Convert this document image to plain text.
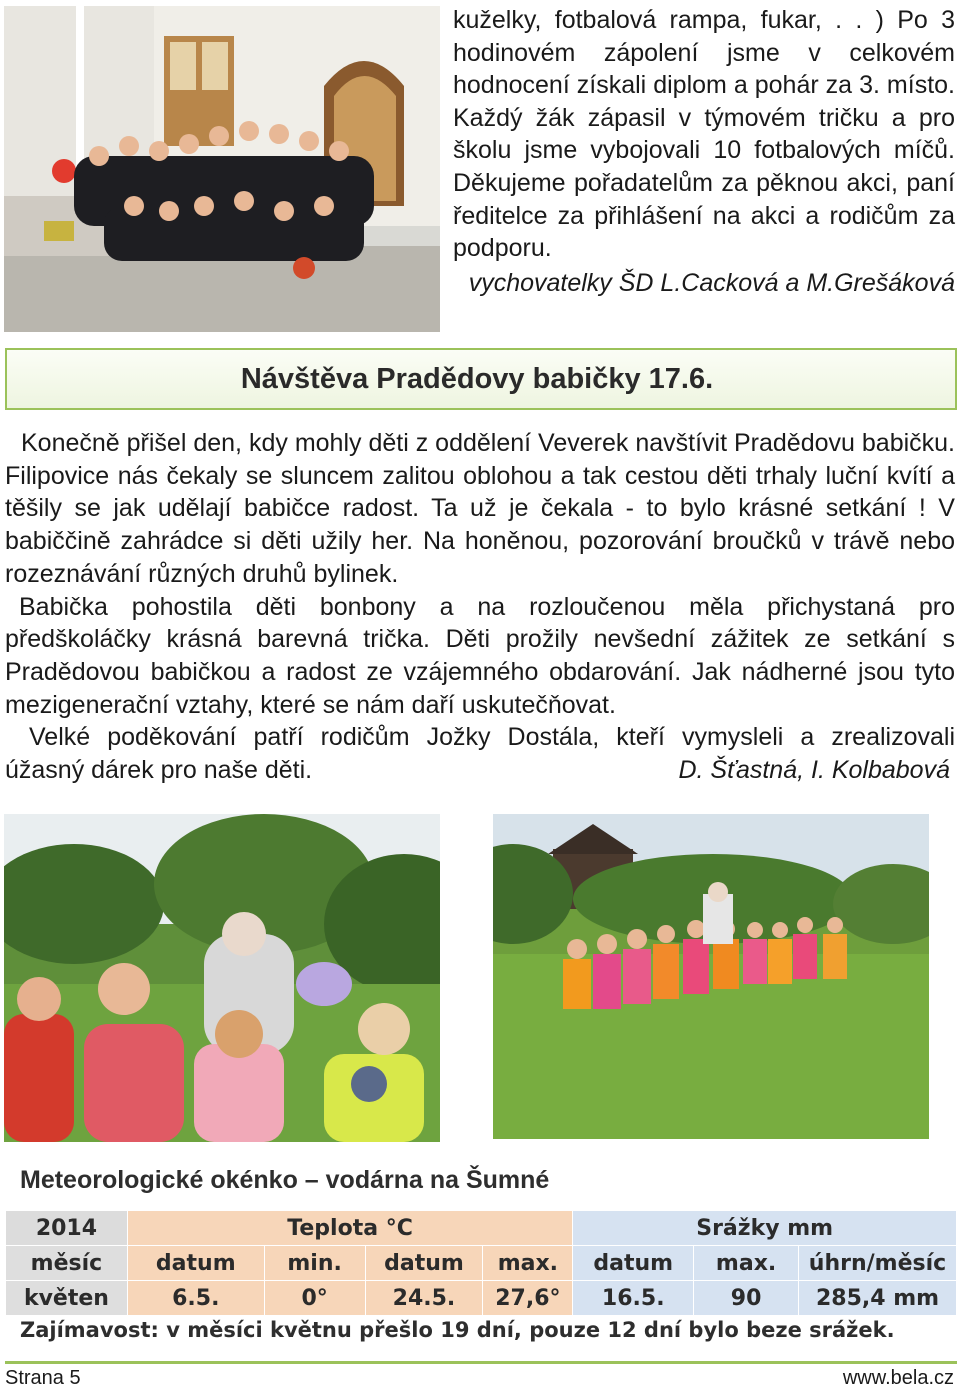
kuželky, fotbalová rampa, fukar, . . ) Po 3 hodinovém zápolení jsme v celkovém hodnocení získali diplom a pohár za 3. místo. Každý žák zápasil v týmovém tričku a pro školu jsme vybojovali 10 fotbalových míčů.

Děkujeme pořadatelům za pěknou akci, paní ředitelce za přihlášení na akci a rodičům za podporu.

vychovatelky ŠD L.Cacková a M.Grešáková

Návštěva Pradědovy babičky 17.6.

Konečně přišel den, kdy mohly děti z oddělení Veverek navštívit Pradědovu babičku. Filipovice nás čekaly se sluncem zalitou oblohou a tak cestou děti trhaly luční kvítí a těšily se jak udělají babičce radost. Ta už je čekala - to bylo krásné setkání ! V babiččině zahrádce si děti užily her. Na honěnou, pozorování broučků v trávě nebo rozeznávání různých druhů bylinek.

Babička pohostila děti bonbony a na rozloučenou měla přichystaná pro předškoláčky krásná barevná trička. Děti prožily nevšední zážitek ze setkání s Pradědovou babičkou a radost ze vzájemného obdarování. Jak nádherné jsou tyto mezigenerační vztahy, které se nám daří uskutečňovat.

Velké poděkování patří rodičům Jožky Dostála, kteří vymysleli a zrealizovali

úžasný dárek pro naše děti.	D. Šťastná, I. Kolbabová
Meteorologické okénko – vodárna na Šumné
2014	Teplota °C				Srážky mm		
měsíc	datum	min.	datum	max.	datum	max.	úhrn/měsíc
květen	6.5.	0°	24.5.	27,6°	16.5.	90	285,4 mm
Zajímavost: v měsíci květnu přešlo 19 dní, pouze 12 dní bylo beze srážek.
Strana 5	www.bela.cz
